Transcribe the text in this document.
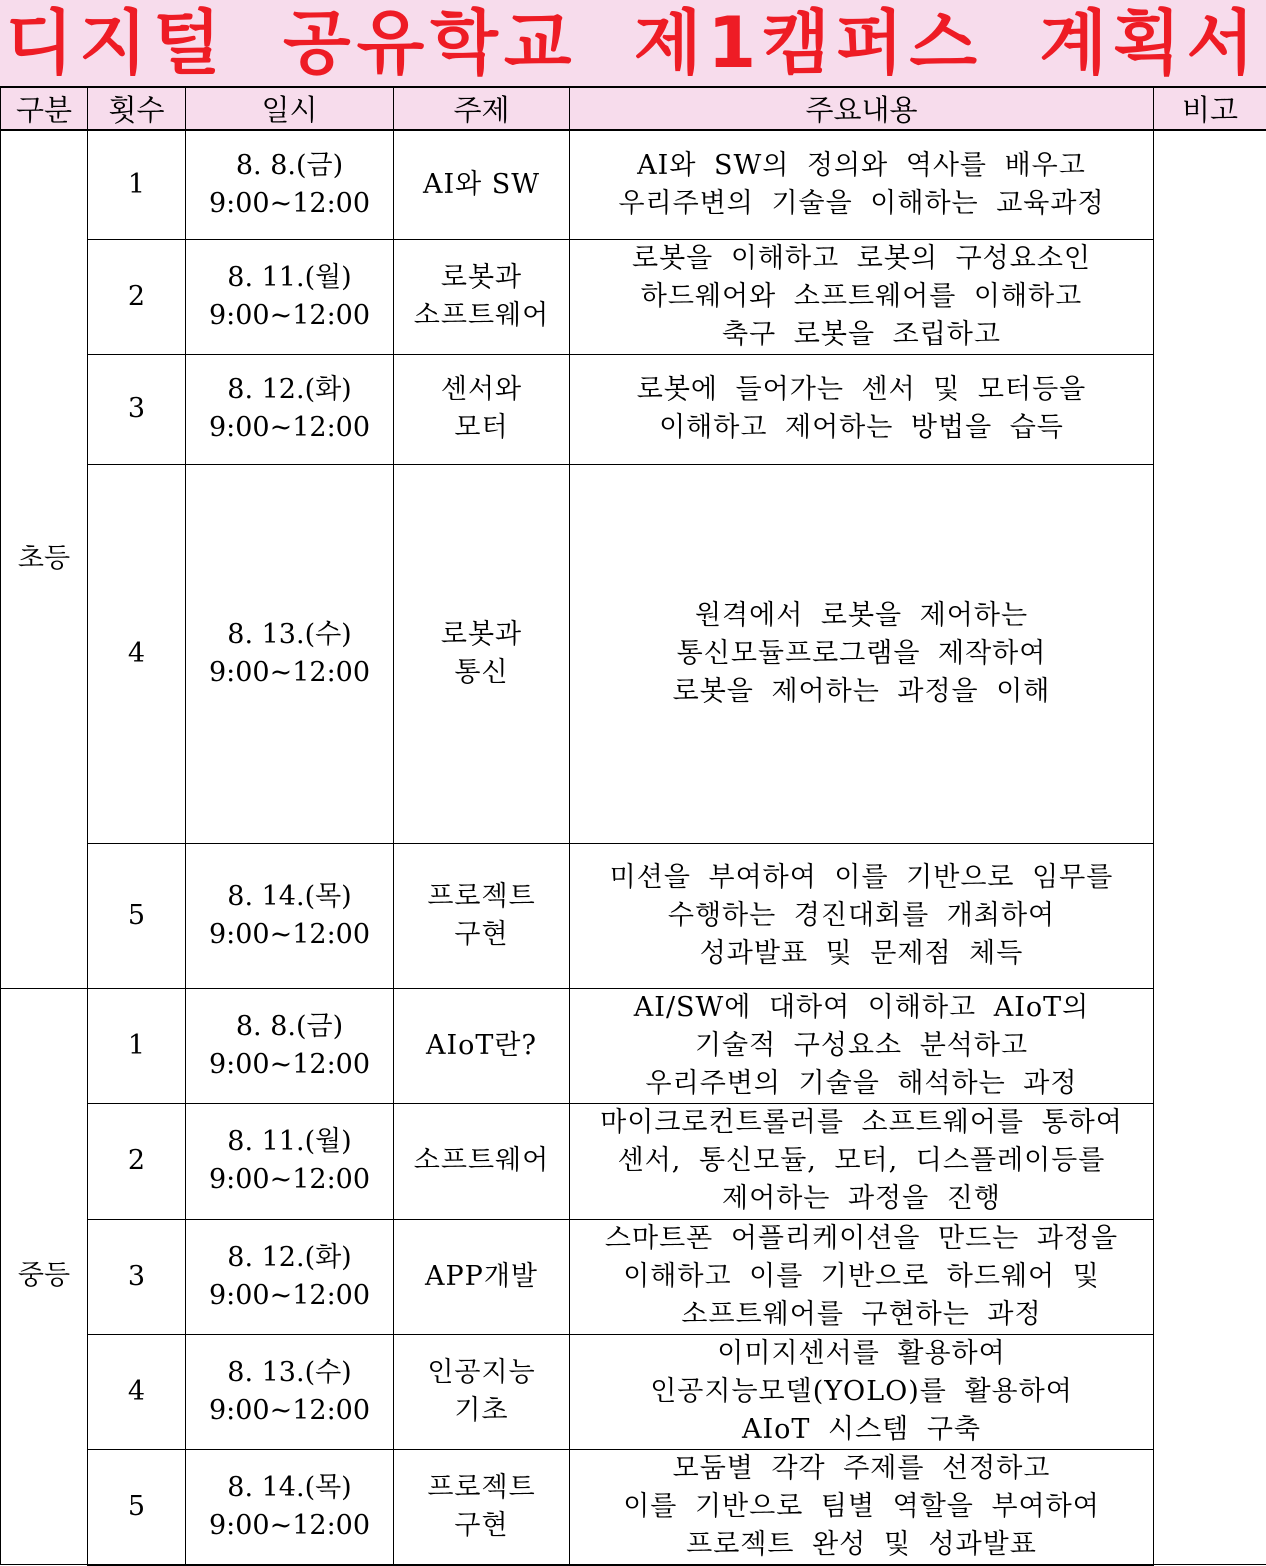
디지털 공유학교 제1캠퍼스 계획서
구분	횟수	일시	주제	주요내용	비고
초등	1	8. 8.(금)
9:00~12:00	AI와 SW	AI와 SW의 정의와 역사를 배우고
우리주변의 기술을 이해하는 교육과정	

	2	8. 11.(월)
9:00~12:00	로봇과
소프트웨어	로봇을 이해하고 로봇의 구성요소인
하드웨어와 소프트웨어를 이해하고
축구 로봇을 조립하고	

	3	8. 12.(화)
9:00~12:00	센서와
모터	로봇에 들어가는 센서 및 모터등을
이해하고 제어하는 방법을 습득	

	4	8. 13.(수)
9:00~12:00	로봇과
통신	원격에서 로봇을 제어하는
통신모듈프로그램을 제작하여
로봇을 제어하는 과정을 이해	

	5	8. 14.(목)
9:00~12:00	프로젝트
구현	미션을 부여하여 이를 기반으로 임무를
수행하는 경진대회를 개최하여
성과발표 및 문제점 체득	

중등	1	8. 8.(금)
9:00~12:00	AIoT란?	AI/SW에 대하여 이해하고 AIoT의
기술적 구성요소 분석하고
우리주변의 기술을 해석하는 과정	

	2	8. 11.(월)
9:00~12:00	소프트웨어	마이크로컨트롤러를 소프트웨어를 통하여
센서, 통신모듈, 모터, 디스플레이등를
제어하는 과정을 진행	

	3	8. 12.(화)
9:00~12:00	APP개발	스마트폰 어플리케이션을 만드는 과정을
이해하고 이를 기반으로 하드웨어 및
소프트웨어를 구현하는 과정	

	4	8. 13.(수)
9:00~12:00	인공지능
기초	이미지센서를 활용하여
인공지능모델(YOLO)를 활용하여
AIoT 시스템 구축	

	5	8. 14.(목)
9:00~12:00	프로젝트
구현	모둠별 각각 주제를 선정하고
이를 기반으로 팀별 역할을 부여하여
프로젝트 완성 및 성과발표	
